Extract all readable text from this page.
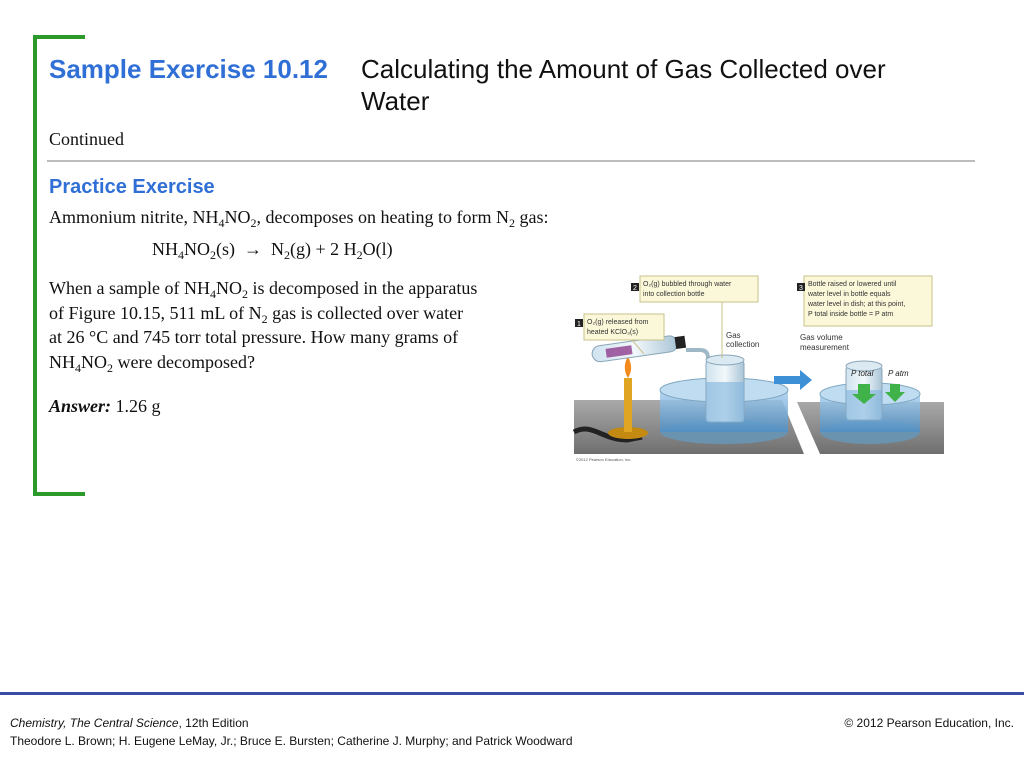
Sample Exercise 10.12 Calculating the Amount of Gas Collected over Water
Continued
Practice Exercise
Ammonium nitrite, $NH_4NO_2$, decomposes on heating to form $N_2$ gas:
$NH_4NO_2(s) \to N_2(g) + 2$ $H_2O(l)$
When a sample of $NH_4NO_2$ is decomposed in the apparatus
of Figure 10.15, 511 mL of $N_2$ gas is collected over water
at 26 °C and 745 torr total pressure. How many grams of
$NH_4NO_2$ were decomposed?
Answer: 1.26 g
P total P atm
1 O₂(g) released from
heated KClO₃(s)
2
O₂(g) bubbled through water
into collection bottle
Gas
collection
3
Bottle raised or lowered until
water level in bottle equals
water level in dish; at this point,
P total inside bottle = P atm
Gas volume
measurement
©2012 Pearson Education, Inc.
Chemistry, The Central Science, 12th Edition
Theodore L. Brown; H. Eugene LeMay, Jr.; Bruce E. Bursten; Catherine J. Murphy; and Patrick Woodward
© 2012 Pearson Education, Inc.
